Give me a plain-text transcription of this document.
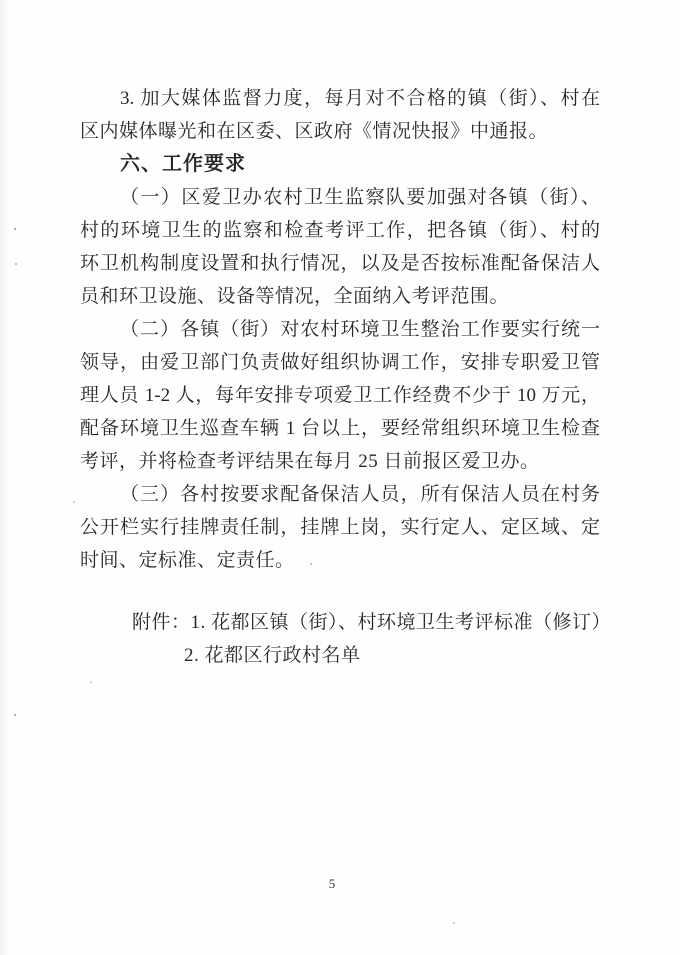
3. 加大媒体监督力度，每月对不合格的镇（街）、村在
区内媒体曝光和在区委、区政府《情况快报》中通报。
六、工作要求
（一）区爱卫办农村卫生监察队要加强对各镇（街）、
村的环境卫生的监察和检查考评工作，把各镇（街）、村的
环卫机构制度设置和执行情况，以及是否按标准配备保洁人
员和环卫设施、设备等情况，全面纳入考评范围。
（二）各镇（街）对农村环境卫生整治工作要实行统一
领导，由爱卫部门负责做好组织协调工作，安排专职爱卫管
理人员 1-2 人，每年安排专项爱卫工作经费不少于 10 万元，
配备环境卫生巡查车辆 1 台以上，要经常组织环境卫生检查
考评，并将检查考评结果在每月 25 日前报区爱卫办。
（三）各村按要求配备保洁人员，所有保洁人员在村务
公开栏实行挂牌责任制，挂牌上岗，实行定人、定区域、定
时间、定标准、定责任。
附件：1. 花都区镇（街）、村环境卫生考评标准（修订）
2. 花都区行政村名单
5
